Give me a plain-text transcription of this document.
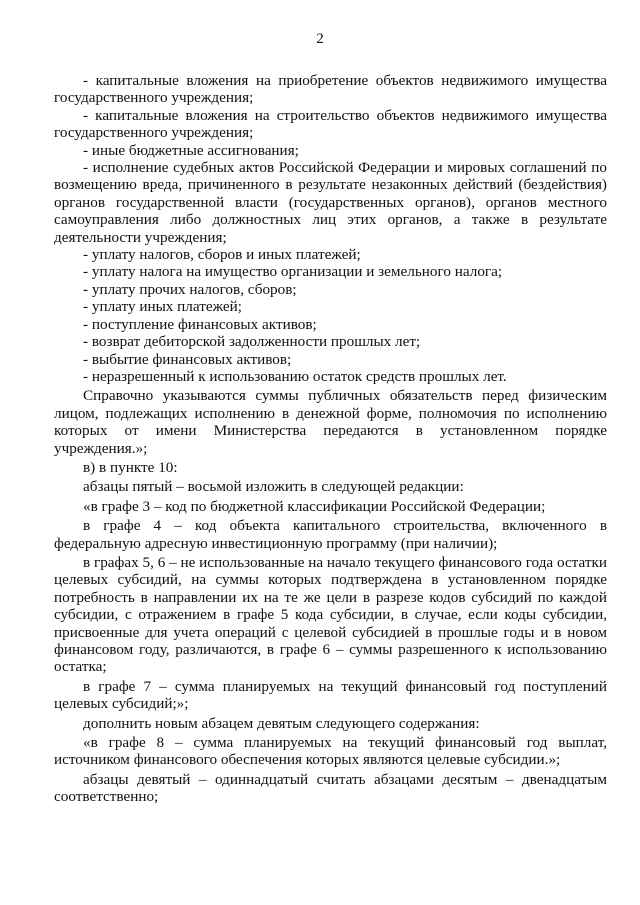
2

- капитальные вложения на приобретение объектов недвижимого имущества государственного учреждения;

- капитальные вложения на строительство объектов недвижимого имущества государственного учреждения;

- иные бюджетные ассигнования;

- исполнение судебных актов Российской Федерации и мировых соглашений по возмещению вреда, причиненного в результате незаконных действий (бездействия) органов государственной власти (государственных органов), органов местного самоуправления либо должностных лиц этих органов, а также в результате деятельности учреждения;

- уплату налогов, сборов и иных платежей;

- уплату налога на имущество организации и земельного налога;

- уплату прочих налогов, сборов;

- уплату иных платежей;

- поступление финансовых активов;

- возврат дебиторской задолженности прошлых лет;

- выбытие финансовых активов;

- неразрешенный к использованию остаток средств прошлых лет.

Справочно указываются суммы публичных обязательств перед физическим лицом, подлежащих исполнению в денежной форме, полномочия по исполнению которых от имени Министерства передаются в установленном порядке учреждения.»;

в) в пункте 10:

абзацы пятый – восьмой изложить в следующей редакции:

«в графе 3 – код по бюджетной классификации Российской Федерации;

в графе 4 – код объекта капитального строительства, включенного в федеральную адресную инвестиционную программу (при наличии);

в графах 5, 6 – не использованные на начало текущего финансового года остатки целевых субсидий, на суммы которых подтверждена в установленном порядке потребность в направлении их на те же цели в разрезе кодов субсидий по каждой субсидии, с отражением в графе 5 кода субсидии, в случае, если коды субсидии, присвоенные для учета операций с целевой субсидией в прошлые годы и в новом финансовом году, различаются, в графе 6 – суммы разрешенного к использованию остатка;

в графе 7 – сумма планируемых на текущий финансовый год поступлений целевых субсидий;»;

дополнить новым абзацем девятым следующего содержания:

«в графе 8 – сумма планируемых на текущий финансовый год выплат, источником финансового обеспечения которых являются целевые субсидии.»;

абзацы девятый – одиннадцатый считать абзацами десятым – двенадцатым соответственно;
